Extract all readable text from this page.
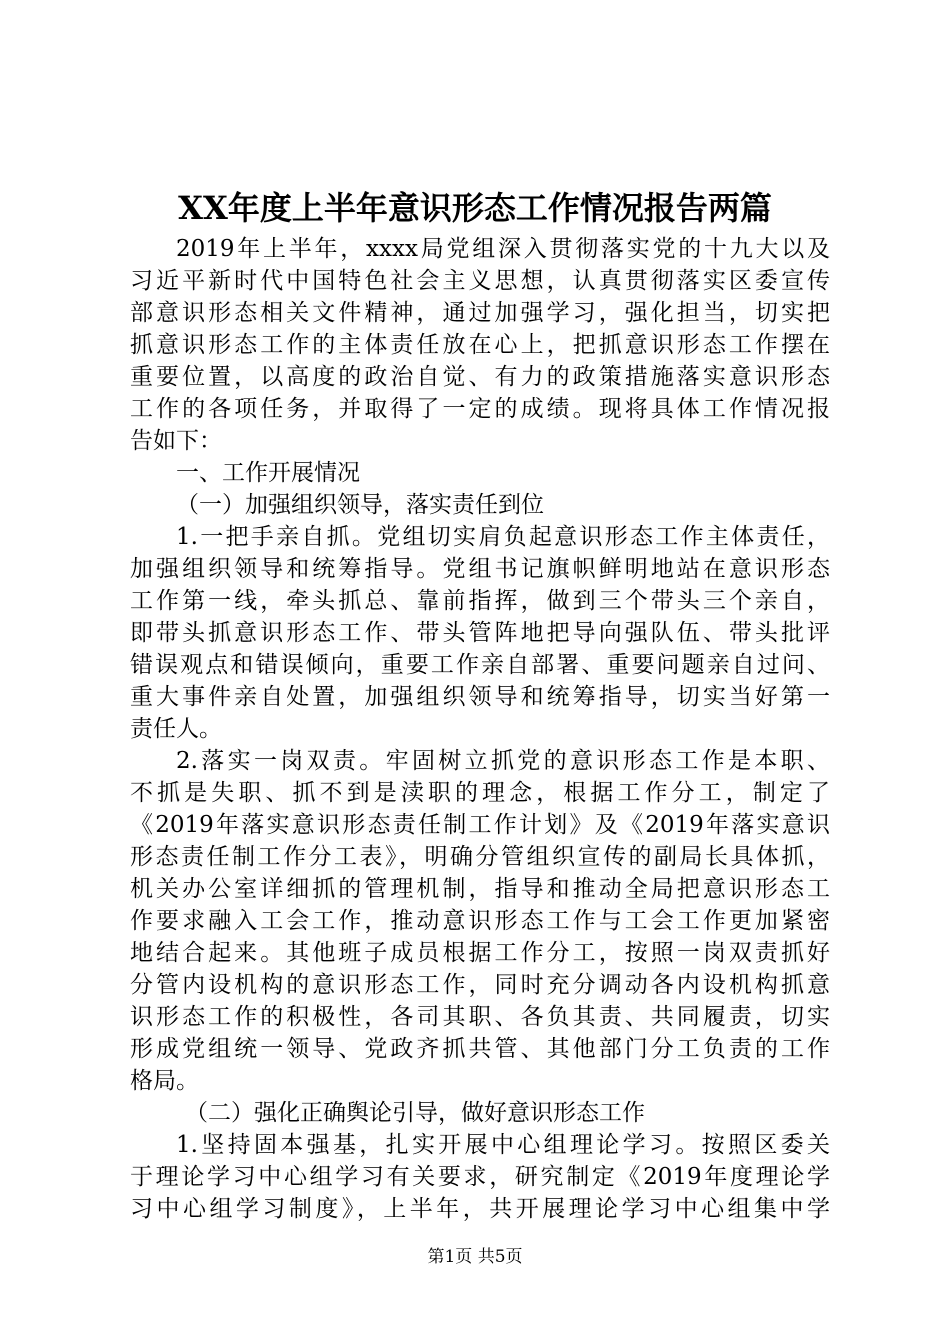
XX年度上半年意识形态工作情况报告两篇
2019年上半年，xxxx局党组深入贯彻落实党的十九大以及
习近平新时代中国特色社会主义思想，认真贯彻落实区委宣传
部意识形态相关文件精神，通过加强学习，强化担当，切实把
抓意识形态工作的主体责任放在心上，把抓意识形态工作摆在
重要位置，以高度的政治自觉、有力的政策措施落实意识形态
工作的各项任务，并取得了一定的成绩。现将具体工作情况报
告如下：
一、工作开展情况
（一）加强组织领导，落实责任到位
1.一把手亲自抓。党组切实肩负起意识形态工作主体责任，
加强组织领导和统筹指导。党组书记旗帜鲜明地站在意识形态
工作第一线，牵头抓总、靠前指挥，做到三个带头三个亲自，
即带头抓意识形态工作、带头管阵地把导向强队伍、带头批评
错误观点和错误倾向，重要工作亲自部署、重要问题亲自过问、
重大事件亲自处置，加强组织领导和统筹指导，切实当好第一
责任人。
2.落实一岗双责。牢固树立抓党的意识形态工作是本职、
不抓是失职、抓不到是渎职的理念，根据工作分工，制定了
《2019年落实意识形态责任制工作计划》及《2019年落实意识
形态责任制工作分工表》，明确分管组织宣传的副局长具体抓，
机关办公室详细抓的管理机制，指导和推动全局把意识形态工
作要求融入工会工作，推动意识形态工作与工会工作更加紧密
地结合起来。其他班子成员根据工作分工，按照一岗双责抓好
分管内设机构的意识形态工作，同时充分调动各内设机构抓意
识形态工作的积极性，各司其职、各负其责、共同履责，切实
形成党组统一领导、党政齐抓共管、其他部门分工负责的工作
格局。
（二）强化正确舆论引导，做好意识形态工作
1.坚持固本强基，扎实开展中心组理论学习。按照区委关
于理论学习中心组学习有关要求，研究制定《2019年度理论学
习中心组学习制度》，上半年，共开展理论学习中心组集中学
第1页 共5页
